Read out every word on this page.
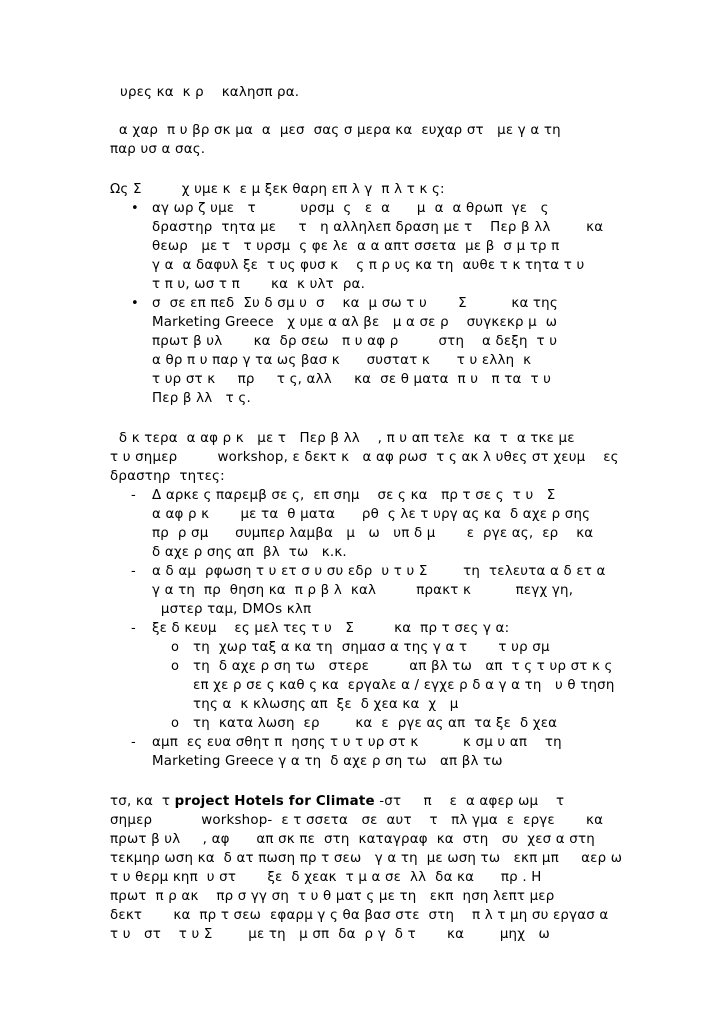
υρες κα  κ ρ    καλησπ ρα.
α χαρ  π υ βρ σκ μα  α  μεσ  σας σ μερα κα  ευχαρ στ   με γ α τη
παρ υσ α σας.
Ως Σ         χ υμε κ  ε μ ξεκ θαρη επ λ γ  π λ τ κ ς:
• αγ ωρ ζ υμε   τ          υρσμ  ς   ε  α      μ  α  α θρωπ  γε   ς
δραστηρ  τητα με     τ   η αλληλεπ δραση με τ    Περ β λλ        κα
θεωρ   με τ   τ υρσμ  ς φε λε  α α απτ σσετα  με β  σ μ τρ π
γ α  α δαφυλ ξε  τ υς φυσ κ    ς π ρ υς κα τη  αυθε τ κ τητα τ υ
τ π υ, ωσ τ π       κα  κ υλτ  ρα.
• σ  σε επ πεδ  Συ δ σμ υ  σ    κα  μ σω τ υ       Σ          κα της
Marketing Greece   χ υμε α αλ βε   μ α σε ρ    συγκεκρ μ  ω
πρωτ β υλ       κα  δρ σεω   π υ αφ ρ         στη    α δεξη  τ υ
α θρ π υ παρ γ τα ως βασ κ      συστατ κ      τ υ ελλη  κ
τ υρ στ κ     πρ     τ ς, αλλ     κα  σε θ ματα  π υ   π τα  τ υ
Περ β λλ   τ ς.
δ κ τερα  α αφ ρ κ   με τ   Περ β λλ    , π υ απ τελε  κα  τ  α τκε με
τ υ σημερ         workshop, ε δεκτ κ   α αφ ρωσ  τ ς ακ λ υθες στ χευμ    ες
δραστηρ  τητες:
- Δ αρκε ς παρεμβ σε ς,  επ σημ    σε ς κα   πρ τ σε ς  τ υ   Σ
α αφ ρ κ       με τα  θ ματα      ρθ  ς λε τ υργ ας κα  δ αχε ρ σης
πρ  ρ σμ      συμπερ λαμβα   μ   ω   υπ δ μ       ε  ργε ας,  ερ    κα
δ αχε ρ σης απ  βλ  τω   κ.κ.
- α δ αμ  ρφωση τ υ ετ σ υ συ εδρ  υ τ υ Σ        τη  τελευτα α δ ετ α
γ α τη  πρ  θηση κα  π ρ β λ  καλ         πρακτ κ          πεγχ γη,
μστερ ταμ, DMOs κλπ
- ξε δ κευμ    ες μελ τες τ υ   Σ         κα  πρ τ σες γ α:
o τη  χωρ ταξ α κα τη  σημασ α της γ α τ       τ υρ σμ
o τη  δ αχε ρ ση τω   στερε         απ βλ τω   απ  τ ς τ υρ στ κ ς
επ χε ρ σε ς καθ ς κα  εργαλε α / εγχε ρ δ α γ α τη   υ θ τηση
της α  κ κλωσης απ  ξε  δ χεα κα  χ   μ
o τη  κατα λωση  ερ        κα  ε  ργε ας απ  τα ξε  δ χεα
- αμπ  ες ευα σθητ π  ησης τ υ τ υρ στ κ          κ σμ υ απ    τη
Marketing Greece γ α τη  δ αχε ρ ση τω   απ βλ τω
τσ, κα  τ project Hotels for Climate -στ     π    ε  α αφερ ωμ    τ
σημερ           workshop-  ε τ σσετα   σε  αυτ    τ   πλ γμα  ε  εργε       κα
πρωτ β υλ     , αφ      απ σκ πε  στη  καταγραφ  κα  στη   συ  χεσ α στη
τεκμηρ ωση κα  δ ατ πωση πρ τ σεω   γ α τη  με ωση τω   εκπ μπ     αερ ω
τ υ θερμ κηπ  υ στ       ξε  δ χεακ  τ μ α σε  λλ  δα κα      πρ . Η
πρωτ  π ρ ακ    πρ σ γγ ση  τ υ θ ματ ς με τη   εκπ  ηση λεπτ μερ
δεκτ       κα  πρ τ σεω  εφαρμ γ ς θα βασ στε  στη    π λ τ μη συ εργασ α
τ υ   στ    τ υ Σ        με τη   μ σπ  δα  ρ γ  δ τ       κα        μηχ   ω
